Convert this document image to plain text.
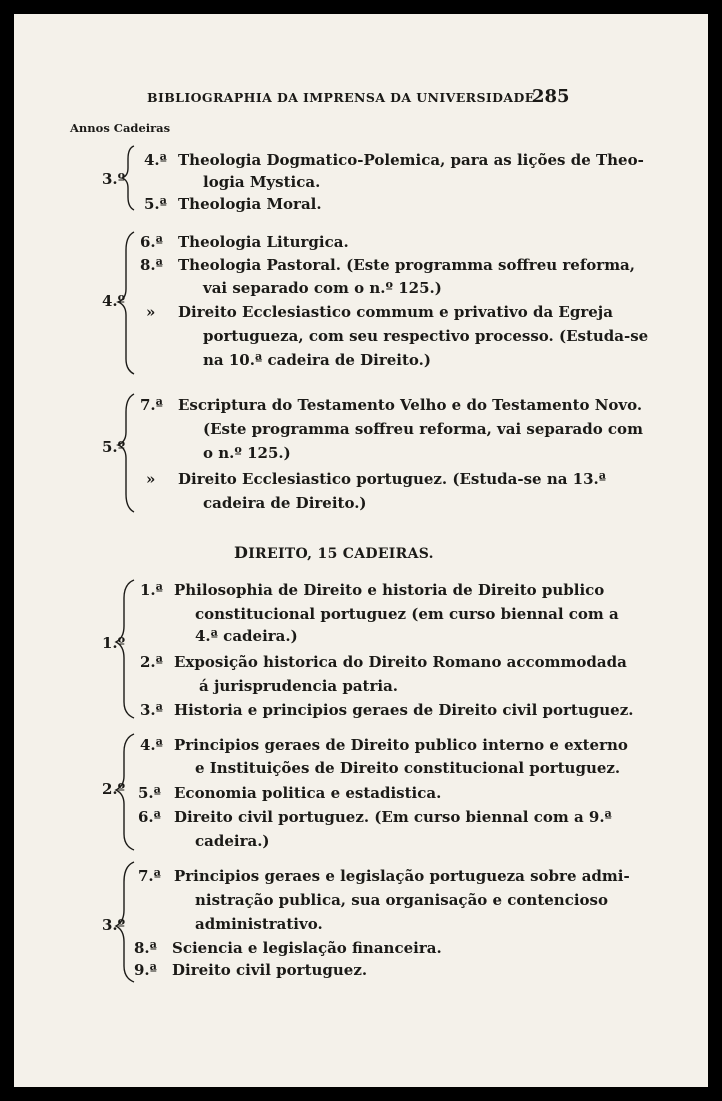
BIBLIOGRAPHIA DA IMPRENSA DA UNIVERSIDADE
285
Annos Cadeiras
3.º
4.ª Theologia Dogmatico-Polemica, para as lições de Theo-
logia Mystica.
5.ª Theologia Moral.
4.º
6.ª Theologia Liturgica.
8.ª Theologia Pastoral. (Este programma soffreu reforma,
vai separado com o n.º 125.)
» Direito Ecclesiastico commum e privativo da Egreja
portugueza, com seu respectivo processo. (Estuda-se
na 10.ª cadeira de Direito.)
5.º
7.ª Escriptura do Testamento Velho e do Testamento Novo.
(Este programma soffreu reforma, vai separado com
o n.º 125.)
» Direito Ecclesiastico portuguez. (Estuda-se na 13.ª
cadeira de Direito.)
DIREITO, 15 CADEIRAS.
1.º
1.ª Philosophia de Direito e historia de Direito publico
constitucional portuguez (em curso biennal com a
4.ª cadeira.)
2.ª Exposição historica do Direito Romano accommodada
á jurisprudencia patria.
3.ª Historia e principios geraes de Direito civil portuguez.
2.º
4.ª Principios geraes de Direito publico interno e externo
e Instituições de Direito constitucional portuguez.
5.ª Economia politica e estadistica.
6.ª Direito civil portuguez. (Em curso biennal com a 9.ª
cadeira.)
3.º
7.ª Principios geraes e legislação portugueza sobre admi-
nistração publica, sua organisação e contencioso
administrativo.
8.ª Sciencia e legislação financeira.
9.ª Direito civil portuguez.
